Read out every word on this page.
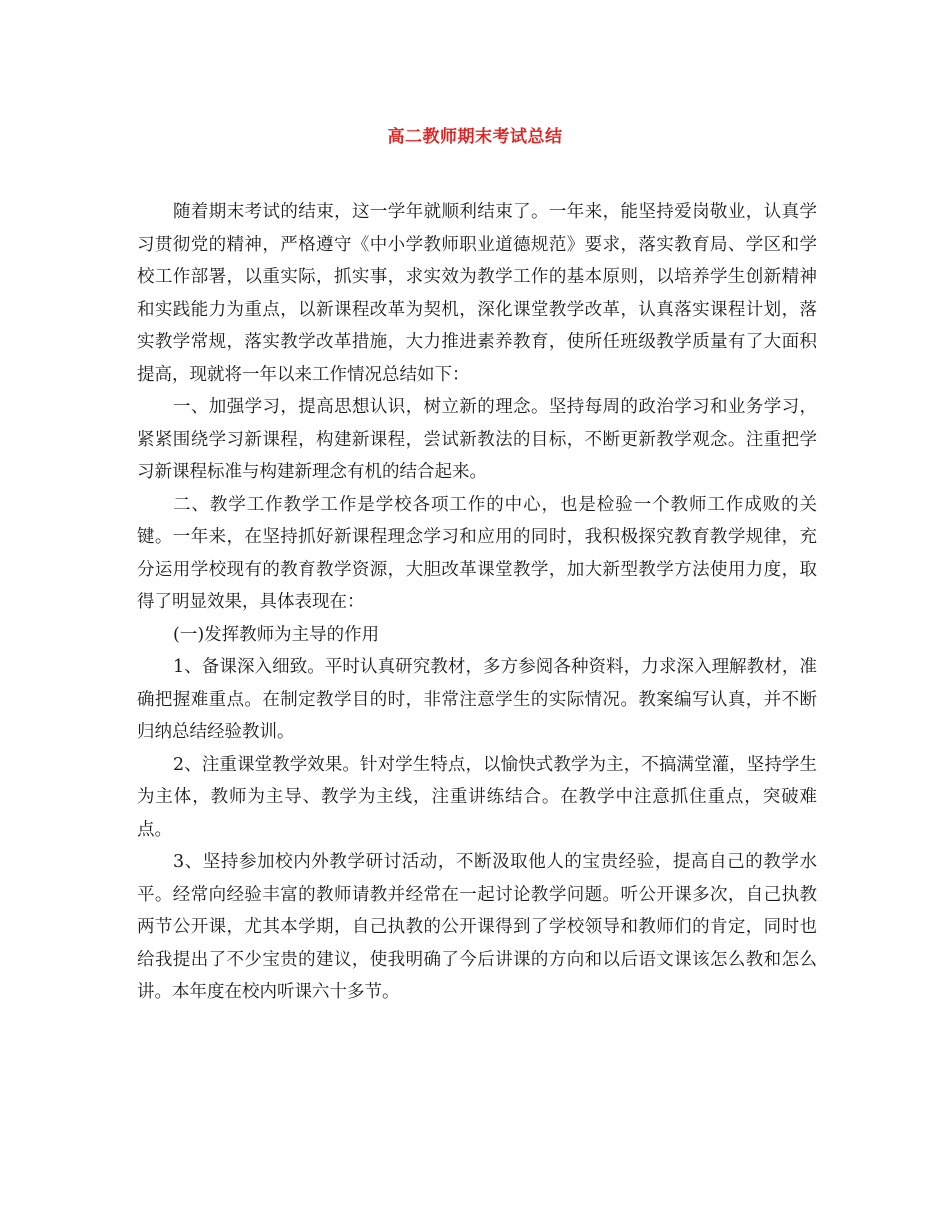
高二教师期末考试总结

随着期末考试的结束，这一学年就顺利结束了。一年来，能坚持爱岗敬业，认真学习贯彻党的精神，严格遵守《中小学教师职业道德规范》要求，落实教育局、学区和学校工作部署，以重实际，抓实事，求实效为教学工作的基本原则，以培养学生创新精神和实践能力为重点，以新课程改革为契机，深化课堂教学改革，认真落实课程计划，落实教学常规，落实教学改革措施，大力推进素养教育，使所任班级教学质量有了大面积提高，现就将一年以来工作情况总结如下：

一、加强学习，提高思想认识，树立新的理念。坚持每周的政治学习和业务学习，紧紧围绕学习新课程，构建新课程，尝试新教法的目标，不断更新教学观念。注重把学习新课程标准与构建新理念有机的结合起来。

二、教学工作教学工作是学校各项工作的中心，也是检验一个教师工作成败的关键。一年来，在坚持抓好新课程理念学习和应用的同时，我积极探究教育教学规律，充分运用学校现有的教育教学资源，大胆改革课堂教学，加大新型教学方法使用力度，取得了明显效果，具体表现在：

(一)发挥教师为主导的作用

1、备课深入细致。平时认真研究教材，多方参阅各种资料，力求深入理解教材，准确把握难重点。在制定教学目的时，非常注意学生的实际情况。教案编写认真，并不断归纳总结经验教训。

2、注重课堂教学效果。针对学生特点，以愉快式教学为主，不搞满堂灌，坚持学生为主体，教师为主导、教学为主线，注重讲练结合。在教学中注意抓住重点，突破难点。

3、坚持参加校内外教学研讨活动，不断汲取他人的宝贵经验，提高自己的教学水平。经常向经验丰富的教师请教并经常在一起讨论教学问题。听公开课多次，自己执教两节公开课，尤其本学期，自己执教的公开课得到了学校领导和教师们的肯定，同时也给我提出了不少宝贵的建议，使我明确了今后讲课的方向和以后语文课该怎么教和怎么讲。本年度在校内听课六十多节。
